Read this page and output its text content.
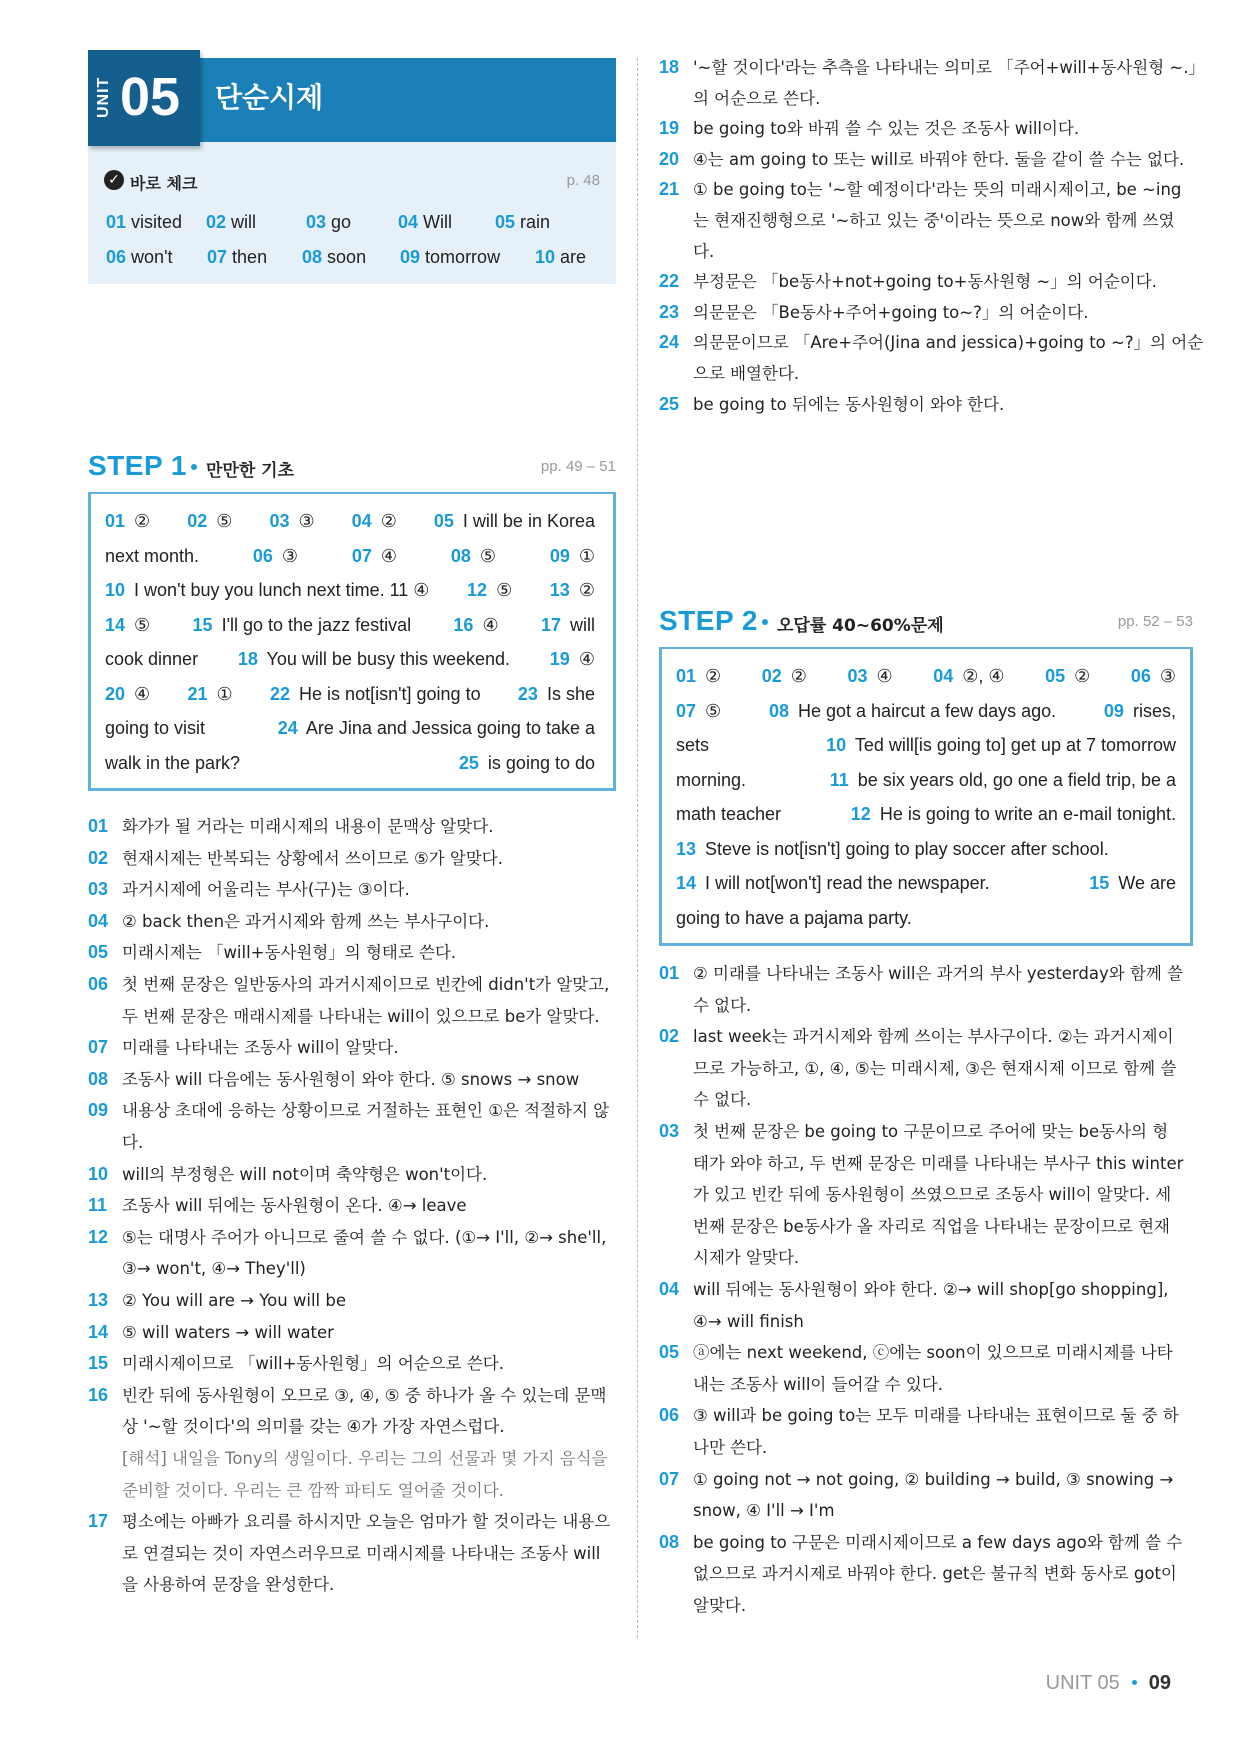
UNIT 05 단순시제
✓ 바로 체크	p. 48
01 visited 02 will	03 go	04 Will 05 rain
06 won't 07 then 08 soon 09 tomorrow 10 are
STEP 1 만만한 기초	pp. 49 – 51
01 ② 02 ⑤ 03 ③ 04 ② 05 I will be in Korea
next month.	06 ③	07 ④	08 ⑤	09 ①
10 I won't buy you lunch next time. 11 ④ 12 ⑤ 13 ②
14 ⑤ 15 I'll go to the jazz festival 16 ④ 17 will
cook dinner 18 You will be busy this weekend. 19 ④
20 ④ 21 ① 22 He is not[isn't] going to 23 Is she
going to visit	24 Are Jina and Jessica going to take a
walk in the park?	25 is going to do
01 화가가 될 거라는 미래시제의 내용이 문맥상 알맞다.
02 현재시제는 반복되는 상황에서 쓰이므로 ⑤가 알맞다.
03 과거시제에 어울리는 부사(구)는 ③이다.
04 ② back then은 과거시제와 함께 쓰는 부사구이다.
05 미래시제는 「will+동사원형」의 형태로 쓴다.
06 첫 번째 문장은 일반동사의 과거시제이므로 빈칸에 didn't가 알맞고,
두 번째 문장은 매래시제를 나타내는 will이 있으므로 be가 알맞다.
07 미래를 나타내는 조동사 will이 알맞다.
08 조동사 will 다음에는 동사원형이 와야 한다. ⑤ snows → snow
09 내용상 초대에 응하는 상황이므로 거절하는 표현인 ①은 적절하지 않
다.
10 will의 부정형은 will not이며 축약형은 won't이다.
11 조동사 will 뒤에는 동사원형이 온다. ④→ leave
12 ⑤는 대명사 주어가 아니므로 줄여 쓸 수 없다. (①→ I'll, ②→ she'll,
③→ won't, ④→ They'll)
13 ② You will are → You will be
14 ⑤ will waters → will water
15 미래시제이므로 「will+동사원형」의 어순으로 쓴다.
16 빈칸 뒤에 동사원형이 오므로 ③, ④, ⑤ 중 하나가 올 수 있는데 문맥
상 '~할 것이다'의 의미를 갖는 ④가 가장 자연스럽다.
[해석] 내일을 Tony의 생일이다. 우리는 그의 선물과 몇 가지 음식을
준비할 것이다. 우리는 큰 깜짝 파티도 열어줄 것이다.
17 평소에는 아빠가 요리를 하시지만 오늘은 엄마가 할 것이라는 내용으
로 연결되는 것이 자연스러우므로 미래시제를 나타내는 조동사 will
을 사용하여 문장을 완성한다.
18 '~할 것이다'라는 추측을 나타내는 의미로 「주어+will+동사원형 ~.」
의 어순으로 쓴다.
19 be going to와 바꿔 쓸 수 있는 것은 조동사 will이다.
20 ④는 am going to 또는 will로 바꿔야 한다. 둘을 같이 쓸 수는 없다.
21 ① be going to는 '~할 예정이다'라는 뜻의 미래시제이고, be ~ing
는 현재진행형으로 '~하고 있는 중'이라는 뜻으로 now와 함께 쓰였
다.
22 부정문은 「be동사+not+going to+동사원형 ~」의 어순이다.
23 의문문은 「Be동사+주어+going to~?」의 어순이다.
24 의문문이므로 「Are+주어(Jina and jessica)+going to ~?」의 어순
으로 배열한다.
25 be going to 뒤에는 동사원형이 와야 한다.
STEP 2 오답률 40~60%문제	pp. 52 – 53
01 ② 02 ② 03 ④ 04 ②, ④ 05 ② 06 ③
07 ⑤	08 He got a haircut a few days ago.	09 rises,
sets	10 Ted will[is going to] get up at 7 tomorrow
morning.	11 be six years old, go one a field trip, be a
math teacher	12 He is going to write an e-mail tonight.
13 Steve is not[isn't] going to play soccer after school.
14 I will not[won't] read the newspaper.	15 We are
going to have a pajama party.
01 ② 미래를 나타내는 조동사 will은 과거의 부사 yesterday와 함께 쓸
수 없다.
02 last week는 과거시제와 함께 쓰이는 부사구이다. ②는 과거시제이
므로 가능하고, ①, ④, ⑤는 미래시제, ③은 현재시제 이므로 함께 쓸
수 없다.
03 첫 번째 문장은 be going to 구문이므로 주어에 맞는 be동사의 형
태가 와야 하고, 두 번째 문장은 미래를 나타내는 부사구 this winter
가 있고 빈칸 뒤에 동사원형이 쓰였으므로 조동사 will이 알맞다. 세
번째 문장은 be동사가 올 자리로 직업을 나타내는 문장이므로 현재
시제가 알맞다.
04 will 뒤에는 동사원형이 와야 한다. ②→ will shop[go shopping],
④→ will finish
05 ⓐ에는 next weekend, ⓒ에는 soon이 있으므로 미래시제를 나타
내는 조동사 will이 들어갈 수 있다.
06 ③ will과 be going to는 모두 미래를 나타내는 표현이므로 둘 중 하
나만 쓴다.
07 ① going not → not going, ② building → build, ③ snowing →
snow, ④ I'll → I'm
08 be going to 구문은 미래시제이므로 a few days ago와 함께 쓸 수
없으므로 과거시제로 바꿔야 한다. get은 불규칙 변화 동사로 got이
알맞다.
UNIT 05 09
